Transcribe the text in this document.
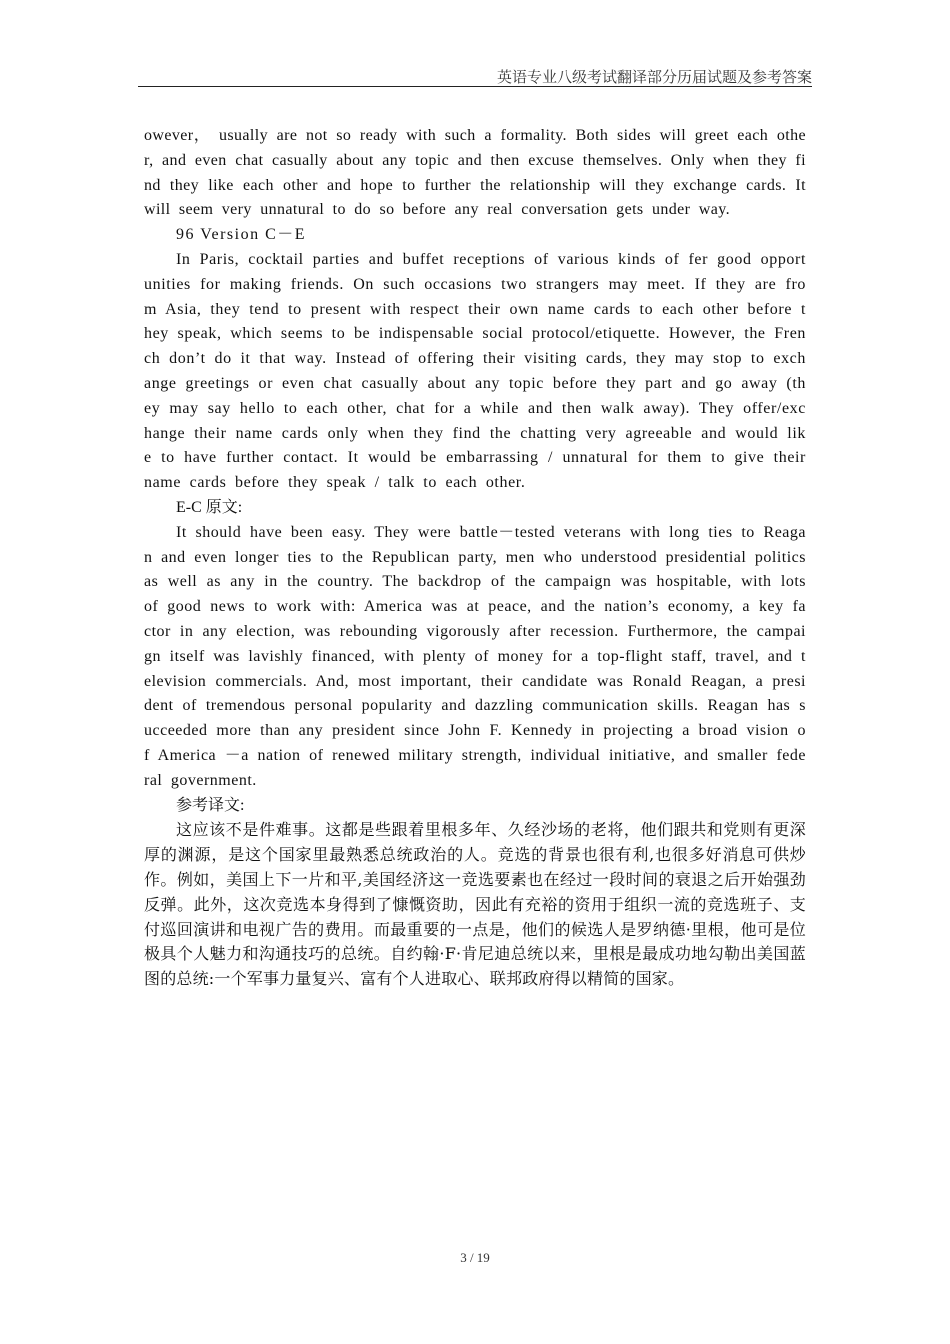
英语专业八级考试翻译部分历届试题及参考答案

owever， usually are not so ready with such a formality. Both sides will greet each other, and even chat casually about any topic and then excuse themselves. Only when they find they like each other and hope to further the relationship will they exchange cards. It will seem very unnatural to do so before any real conversation gets under way.

96 Version C－E

In Paris, cocktail parties and buffet receptions of various kinds of fer good opportunities for making friends. On such occasions two strangers may meet. If they are from Asia, they tend to present with respect their own name cards to each other before they speak, which seems to be indispensable social protocol/etiquette. However, the French don’t do it that way. Instead of offering their visiting cards, they may stop to exchange greetings or even chat casually about any topic before they part and go away (they may say hello to each other, chat for a while and then walk away). They offer/exchange their name cards only when they find the chatting very agreeable and would like to have further contact. It would be embarrassing / unnatural for them to give their name cards before they speak / talk to each other.

E-C 原文:

It should have been easy. They were battle－tested veterans with long ties to Reagan and even longer ties to the Republican party, men who understood presidential politics as well as any in the country. The backdrop of the campaign was hospitable, with lots of good news to work with: America was at peace, and the nation’s economy, a key factor in any election, was rebounding vigorously after recession. Furthermore, the campaign itself was lavishly financed, with plenty of money for a top-flight staff, travel, and television commercials. And, most important, their candidate was Ronald Reagan, a president of tremendous personal popularity and dazzling communication skills. Reagan has succeeded more than any president since John F. Kennedy in projecting a broad vision of America －a nation of renewed military strength, individual initiative, and smaller federal government.

参考译文:

这应该不是件难事。这都是些跟着里根多年、久经沙场的老将，他们跟共和党则有更深厚的渊源，是这个国家里最熟悉总统政治的人。竞选的背景也很有利,也很多好消息可供炒作。例如，美国上下一片和平,美国经济这一竞选要素也在经过一段时间的衰退之后开始强劲反弹。此外，这次竞选本身得到了慷慨资助，因此有充裕的资用于组织一流的竞选班子、支付巡回演讲和电视广告的费用。而最重要的一点是，他们的候选人是罗纳德·里根，他可是位极具个人魅力和沟通技巧的总统。自约翰·F·肯尼迪总统以来，里根是最成功地勾勒出美国蓝图的总统:一个军事力量复兴、富有个人进取心、联邦政府得以精简的国家。

3 / 19
